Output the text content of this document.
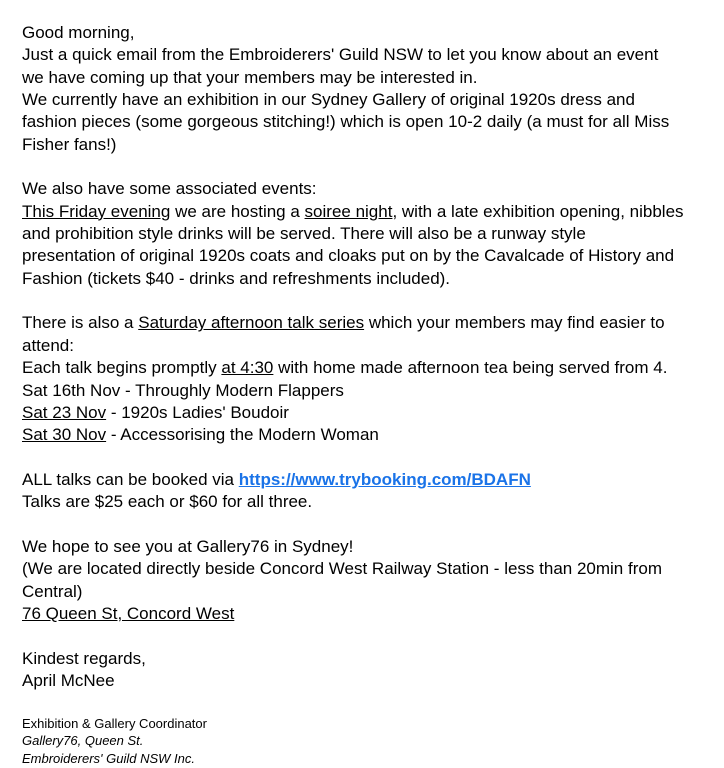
Good morning,
Just a quick email from the Embroiderers' Guild NSW to let you know about an event
we have coming up that your members may be interested in.
We currently have an exhibition in our Sydney Gallery of original 1920s dress and
fashion pieces (some gorgeous stitching!) which is open 10-2 daily (a must for all Miss
Fisher fans!)

We also have some associated events:
This Friday evening we are hosting a soiree night, with a late exhibition opening, nibbles
and prohibition style drinks will be served. There will also be a runway style
presentation of original 1920s coats and cloaks put on by the Cavalcade of History and
Fashion (tickets $40 - drinks and refreshments included).

There is also a Saturday afternoon talk series which your members may find easier to
attend:
Each talk begins promptly at 4:30 with home made afternoon tea being served from 4.
Sat 16th Nov - Throughly Modern Flappers
Sat 23 Nov - 1920s Ladies' Boudoir
Sat 30 Nov - Accessorising the Modern Woman

ALL talks can be booked via https://www.trybooking.com/BDAFN
Talks are $25 each or $60 for all three.

We hope to see you at Gallery76 in Sydney!
(We are located directly beside Concord West Railway Station - less than 20min from
Central)
76 Queen St, Concord West

Kindest regards,
April McNee

Exhibition & Gallery Coordinator
Gallery76, Queen St.
Embroiderers' Guild NSW Inc.
